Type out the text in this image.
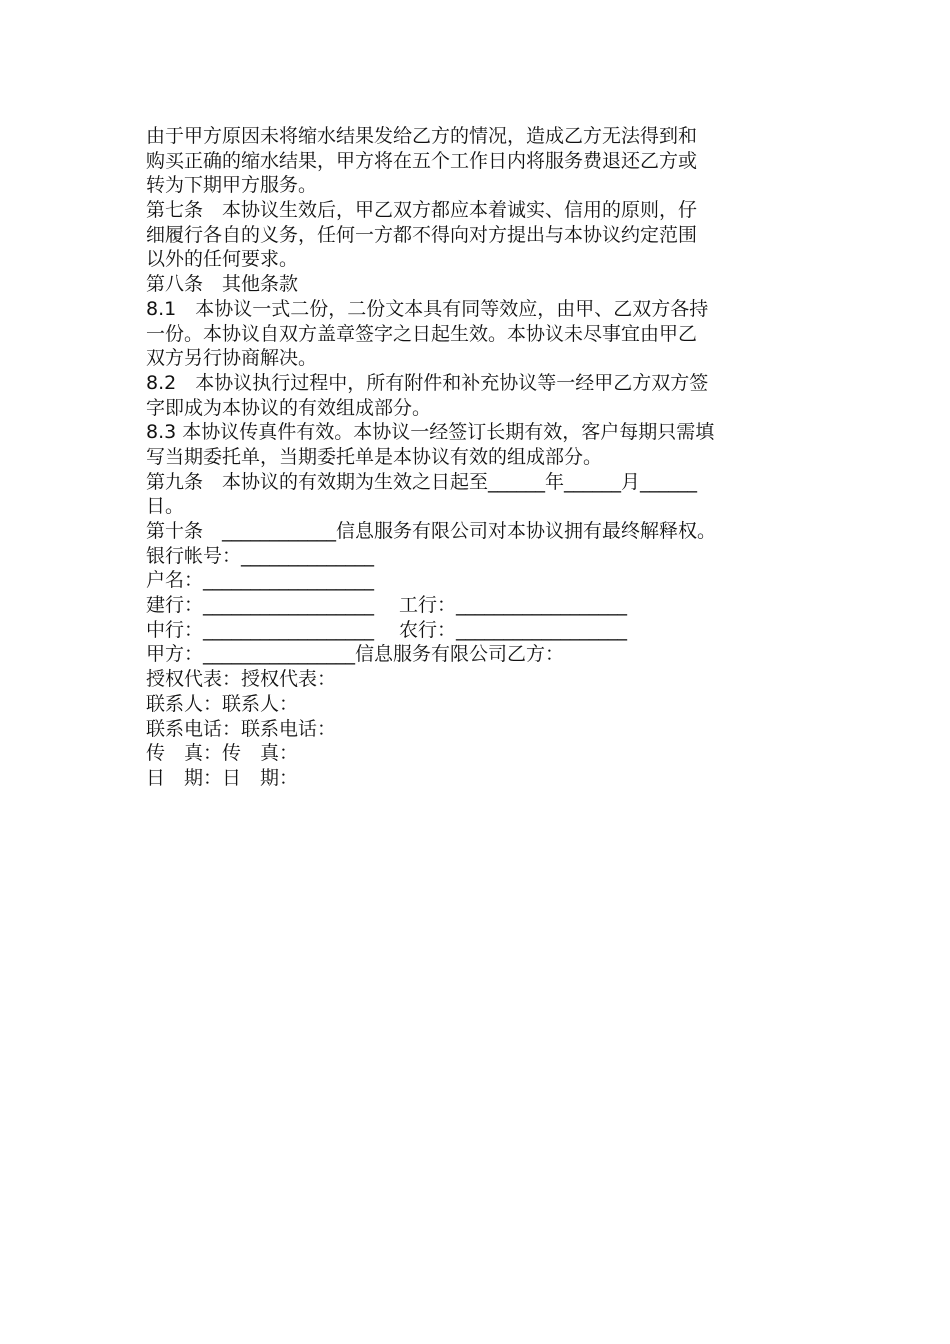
由于甲方原因未将缩水结果发给乙方的情况，造成乙方无法得到和
购买正确的缩水结果，甲方将在五个工作日内将服务费退还乙方或
转为下期甲方服务。
第七条　本协议生效后，甲乙双方都应本着诚实、信用的原则，仔
细履行各自的义务，任何一方都不得向对方提出与本协议约定范围
以外的任何要求。
第八条　其他条款
8.1　本协议一式二份，二份文本具有同等效应，由甲、乙双方各持
一份。本协议自双方盖章签字之日起生效。本协议未尽事宜由甲乙
双方另行协商解决。
8.2　本协议执行过程中，所有附件和补充协议等一经甲乙方双方签
字即成为本协议的有效组成部分。
8.3 本协议传真件有效。本协议一经签订长期有效，客户每期只需填
写当期委托单，当期委托单是本协议有效的组成部分。
第九条　本协议的有效期为生效之日起至______年______月______
日。
第十条　____________信息服务有限公司对本协议拥有最终解释权。
银行帐号：______________
户名：__________________
建行：__________________　 工行：__________________
中行：__________________　 农行：__________________
甲方：________________信息服务有限公司乙方：
授权代表：授权代表：
联系人：联系人：
联系电话：联系电话：
传　真：传　真：
日　期：日　期：
